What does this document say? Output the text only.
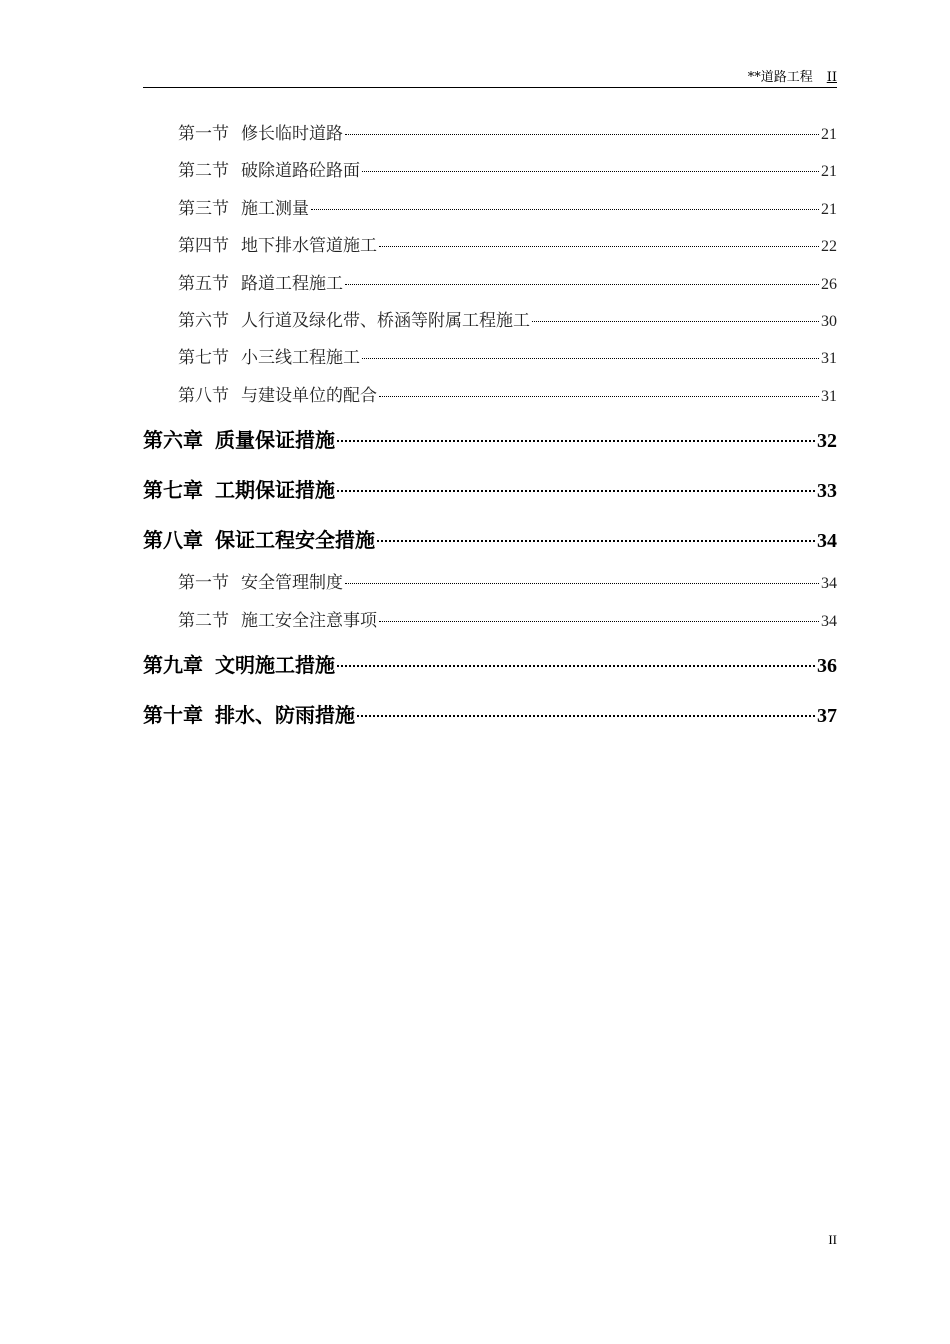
**道路工程 II
第一节 修长临时道路	21
第二节 破除道路砼路面	21
第三节 施工测量	21
第四节 地下排水管道施工	22
第五节 路道工程施工	26
第六节 人行道及绿化带、桥涵等附属工程施工	30
第七节 小三线工程施工	31
第八节 与建设单位的配合	31
第六章 质量保证措施	32
第七章 工期保证措施	33
第八章 保证工程安全措施	34
第一节 安全管理制度	34
第二节 施工安全注意事项	34
第九章 文明施工措施	36
第十章 排水、防雨措施	37
II
